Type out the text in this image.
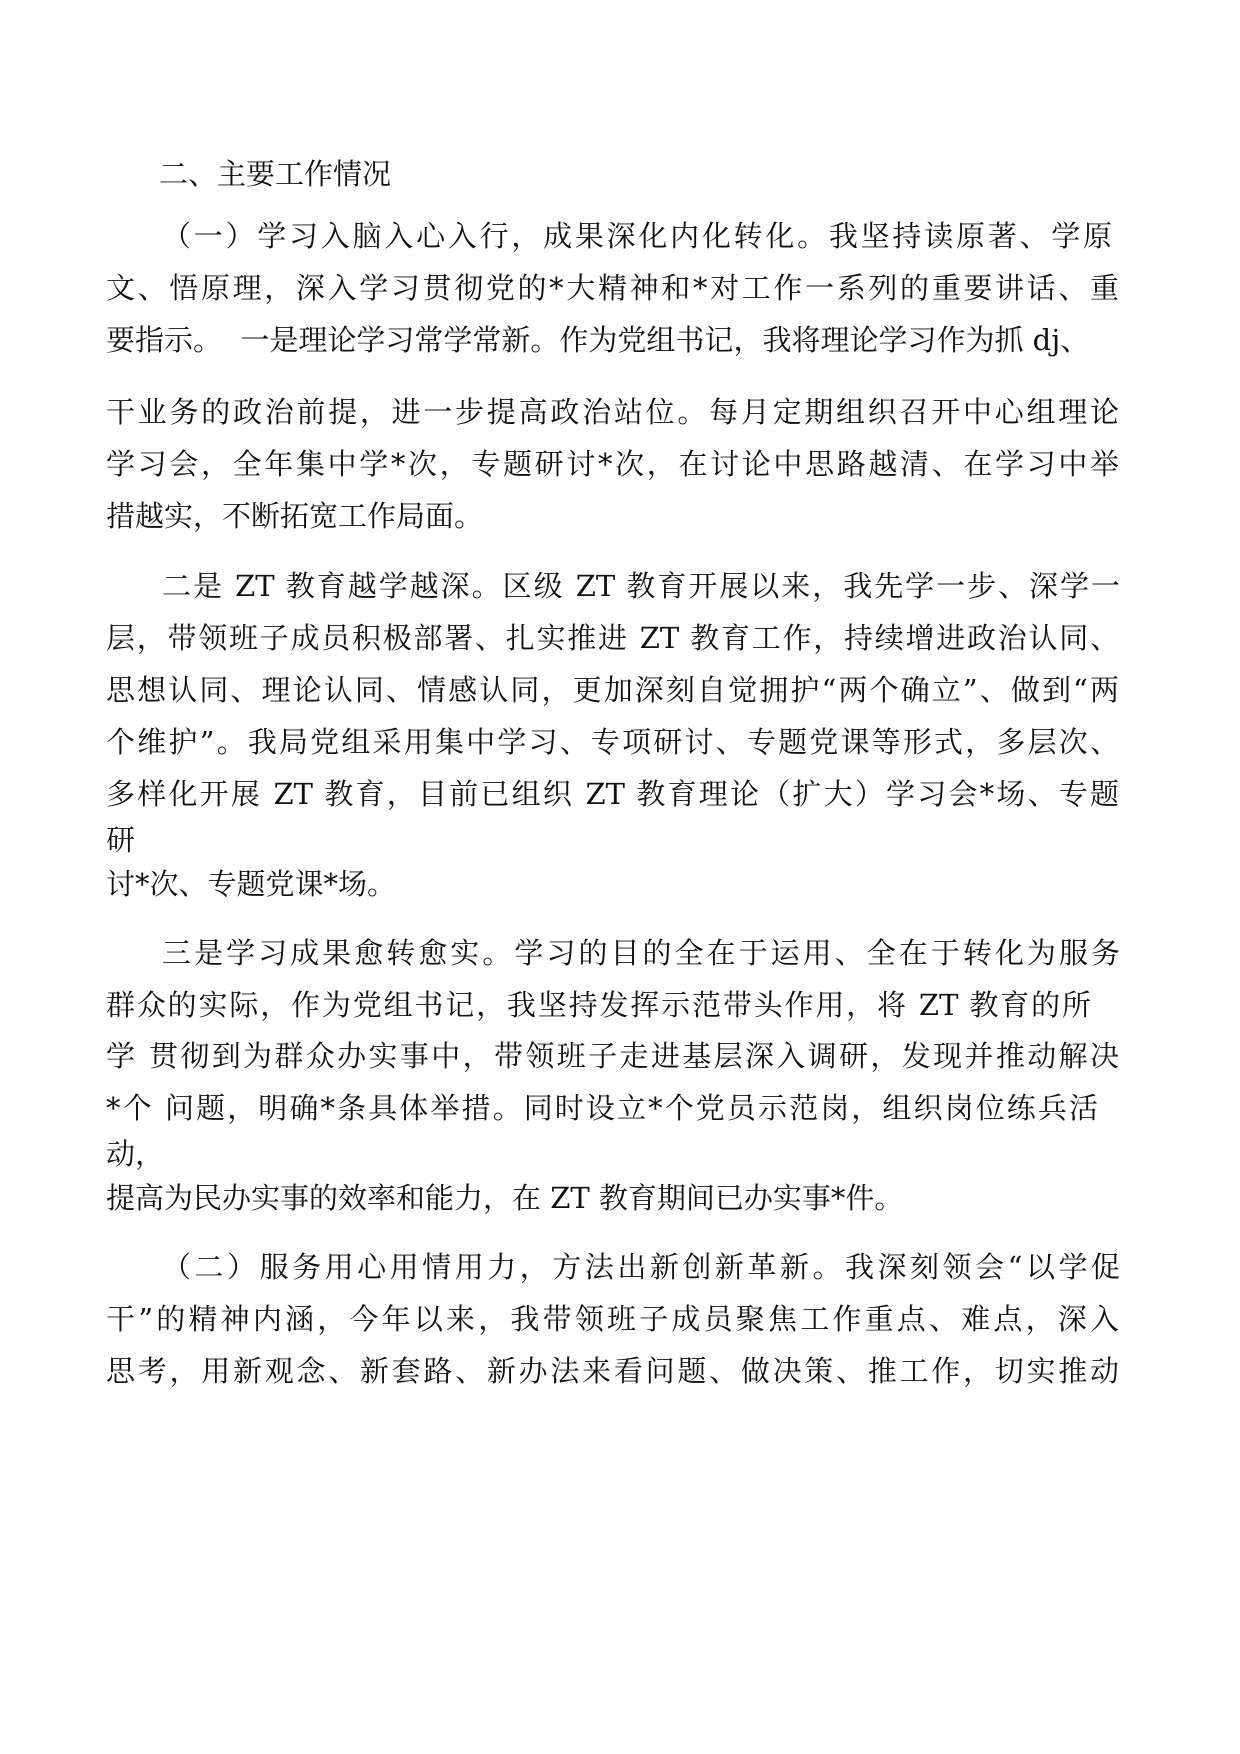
二、主要工作情况

（一）学习入脑入心入行，成果深化内化转化。我坚持读原著、学原

文、悟原理，深入学习贯彻党的*大精神和*对工作一系列的重要讲话、重

要指示。  一是理论学习常学常新。作为党组书记，我将理论学习作为抓 dj、

干业务的政治前提，进一步提高政治站位。每月定期组织召开中心组理论

学习会，全年集中学*次，专题研讨*次，在讨论中思路越清、在学习中举

措越实，不断拓宽工作局面。

二是 ZT 教育越学越深。区级 ZT 教育开展以来，我先学一步、深学一

层，带领班子成员积极部署、扎实推进 ZT 教育工作，持续增进政治认同、

思想认同、理论认同、情感认同，更加深刻自觉拥护“两个确立”、做到“两

个维护”。我局党组采用集中学习、专项研讨、专题党课等形式，多层次、

多样化开展 ZT 教育，目前已组织 ZT 教育理论（扩大）学习会*场、专题

研

讨*次、专题党课*场。

三是学习成果愈转愈实。学习的目的全在于运用、全在于转化为服务

群众的实际，作为党组书记，我坚持发挥示范带头作用，将 ZT 教育的所

学 贯彻到为群众办实事中，带领班子走进基层深入调研，发现并推动解决

*个 问题，明确*条具体举措。同时设立*个党员示范岗，组织岗位练兵活

动，

提高为民办实事的效率和能力，在 ZT 教育期间已办实事*件。

（二）服务用心用情用力，方法出新创新革新。我深刻领会“以学促

干”的精神内涵，今年以来，我带领班子成员聚焦工作重点、难点，深入

思考，用新观念、新套路、新办法来看问题、做决策、推工作，切实推动
